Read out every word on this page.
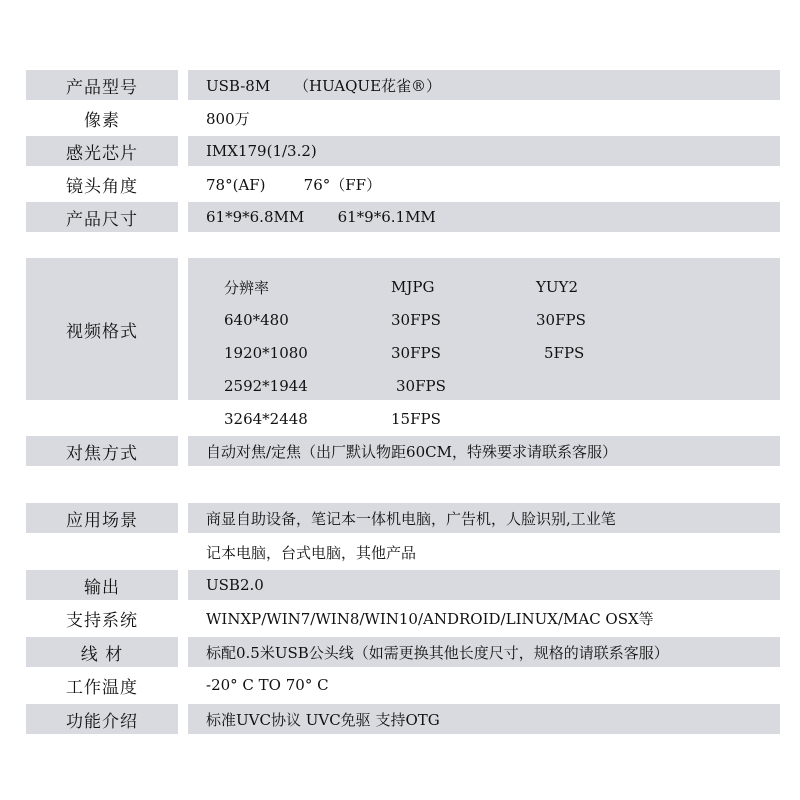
产品型号	USB-8M     （HUAQUE花雀®）
像素	800万
感光芯片	IMX179(1/3.2)
镜头角度	78°(AF)        76°（FF）
产品尺寸	61*9*6.8MM       61*9*6.1MM
视频格式
分辨率	MJPG	YUY2
640*480	30FPS	30FPS
1920*1080	30FPS	5FPS
2592*1944	30FPS
3264*2448	15FPS
对焦方式	自动对焦/定焦（出厂默认物距60CM，特殊要求请联系客服）
应用场景	商显自助设备，笔记本一体机电脑，广告机，人脸识别,工业笔
记本电脑，台式电脑，其他产品
输出	USB2.0
支持系统	WINXP/WIN7/WIN8/WIN10/ANDROID/LINUX/MAC OSX等
线 材	标配0.5米USB公头线（如需更换其他长度尺寸，规格的请联系客服）
工作温度	-20° C TO 70° C
功能介绍	标准UVC协议 UVC免驱 支持OTG
